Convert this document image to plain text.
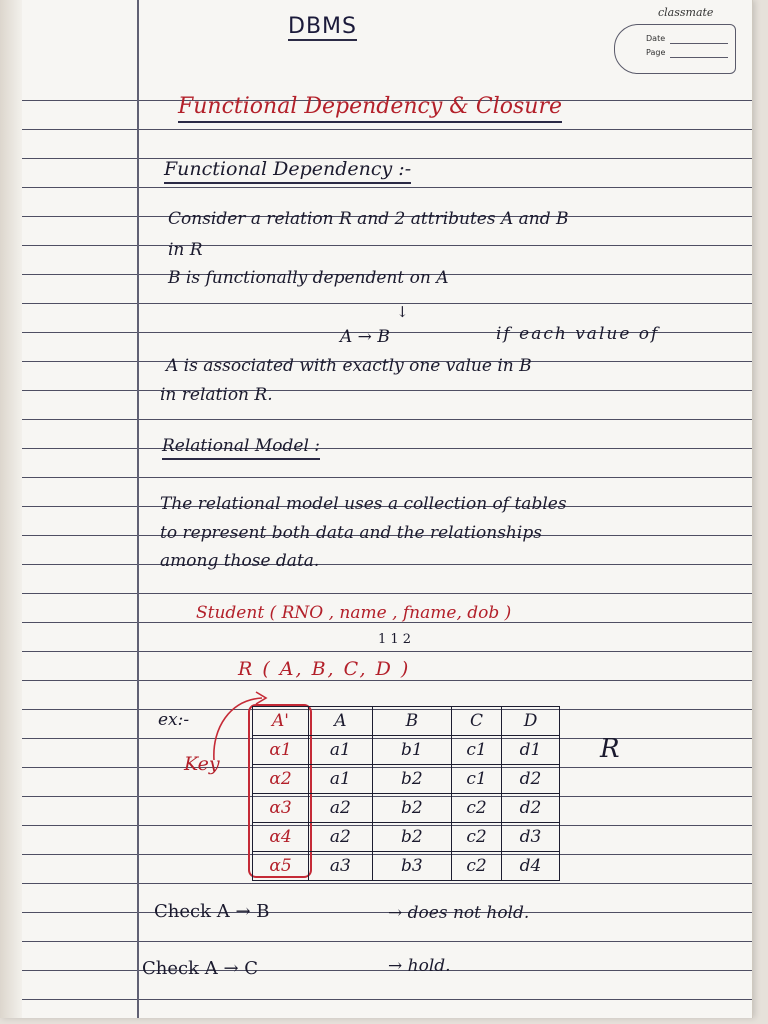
DBMS
classmate
Date
Page
Functional Dependency & Closure
Functional Dependency :-
Consider a relation R and 2 attributes A and B
in R
B is functionally dependent on A
↓
A → B	if each value of
A is associated with exactly one value in B
in relation R.
Relational Model :
The relational model uses a collection of tables
to represent both data and the relationships
among those data.
Student ( RNO , name , fname, dob )
1 1 2
R ( A, B, C, D )
ex:-
Key	R
A'	A	B	C	D
α1	a1	b1	c1	d1
α2	a1	b2	c1	d2
α3	a2	b2	c2	d2
α4	a2	b2	c2	d3
α5	a3	b3	c2	d4
Check A → B	→ does not hold.
Check A → C	→ hold.
